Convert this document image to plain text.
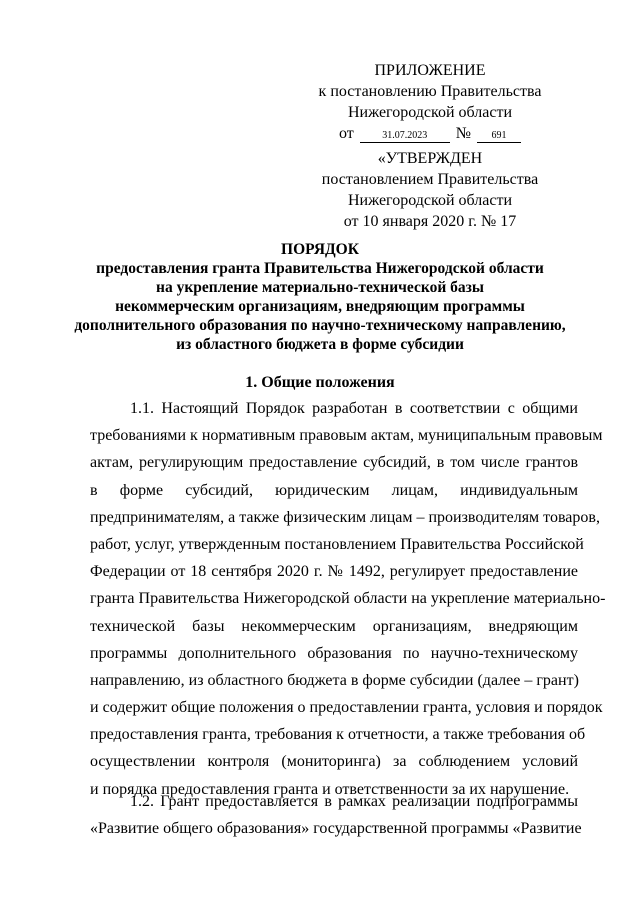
ПРИЛОЖЕНИЕ
к постановлению Правительства
Нижегородской области
от	31.07.2023	№	691
«УТВЕРЖДЕН
постановлением Правительства
Нижегородской области
от 10 января 2020 г. № 17
ПОРЯДОК
предоставления гранта Правительства Нижегородской области
на укрепление материально-технической базы
некоммерческим организациям, внедряющим программы
дополнительного образования по научно-техническому направлению,
из областного бюджета в форме субсидии
1. Общие положения
1.1. Настоящий Порядок разработан в соответствии с общими
требованиями к нормативным правовым актам, муниципальным правовым
актам, регулирующим предоставление субсидий, в том числе грантов
в форме субсидий, юридическим лицам, индивидуальным
предпринимателям, а также физическим лицам – производителям товаров,
работ, услуг, утвержденным постановлением Правительства Российской
Федерации от 18 сентября 2020 г. № 1492, регулирует предоставление
гранта Правительства Нижегородской области на укрепление материально-
технической базы некоммерческим организациям, внедряющим
программы дополнительного образования по научно-техническому
направлению, из областного бюджета в форме субсидии (далее – грант)
и содержит общие положения о предоставлении гранта, условия и порядок
предоставления гранта, требования к отчетности, а также требования об
осуществлении контроля (мониторинга) за соблюдением условий
и порядка предоставления гранта и ответственности за их нарушение.
1.2. Грант предоставляется в рамках реализации подпрограммы
«Развитие общего образования» государственной программы «Развитие
